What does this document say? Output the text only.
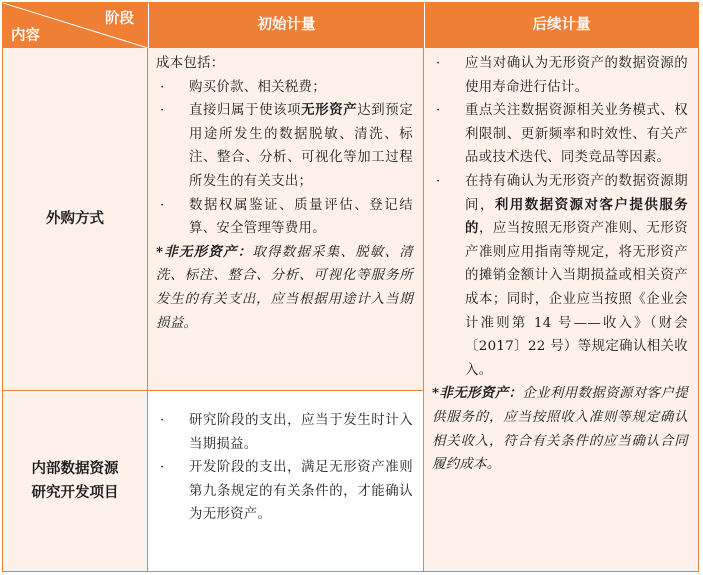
阶段
内容
初始计量	后续计量
外购方式
内部数据资源
研究开发项目

成本包括：

· 购买价款、相关税费；
· 直接归属于使该项无形资产达到预定用途所发生的数据脱敏、清洗、标注、整合、分析、可视化等加工过程所发生的有关支出；
· 数据权属鉴证、质量评估、登记结算、安全管理等费用。

*非无形资产：取得数据采集、脱敏、清洗、标注、整合、分析、可视化等服务所发生的有关支出，应当根据用途计入当期损益。

· 研究阶段的支出，应当于发生时计入当期损益。
· 开发阶段的支出，满足无形资产准则第九条规定的有关条件的，才能确认为无形资产。
· 应当对确认为无形资产的数据资源的使用寿命进行估计。
· 重点关注数据资源相关业务模式、权利限制、更新频率和时效性、有关产品或技术迭代、同类竞品等因素。
· 在持有确认为无形资产的数据资源期间，利用数据资源对客户提供服务的，应当按照无形资产准则、无形资产准则应用指南等规定，将无形资产的摊销金额计入当期损益或相关资产成本；同时，企业应当按照《企业会计准则第 14 号——收入》（财会〔2017〕22 号）等规定确认相关收入。

*非无形资产：企业利用数据资源对客户提供服务的，应当按照收入准则等规定确认相关收入，符合有关条件的应当确认合同履约成本。
